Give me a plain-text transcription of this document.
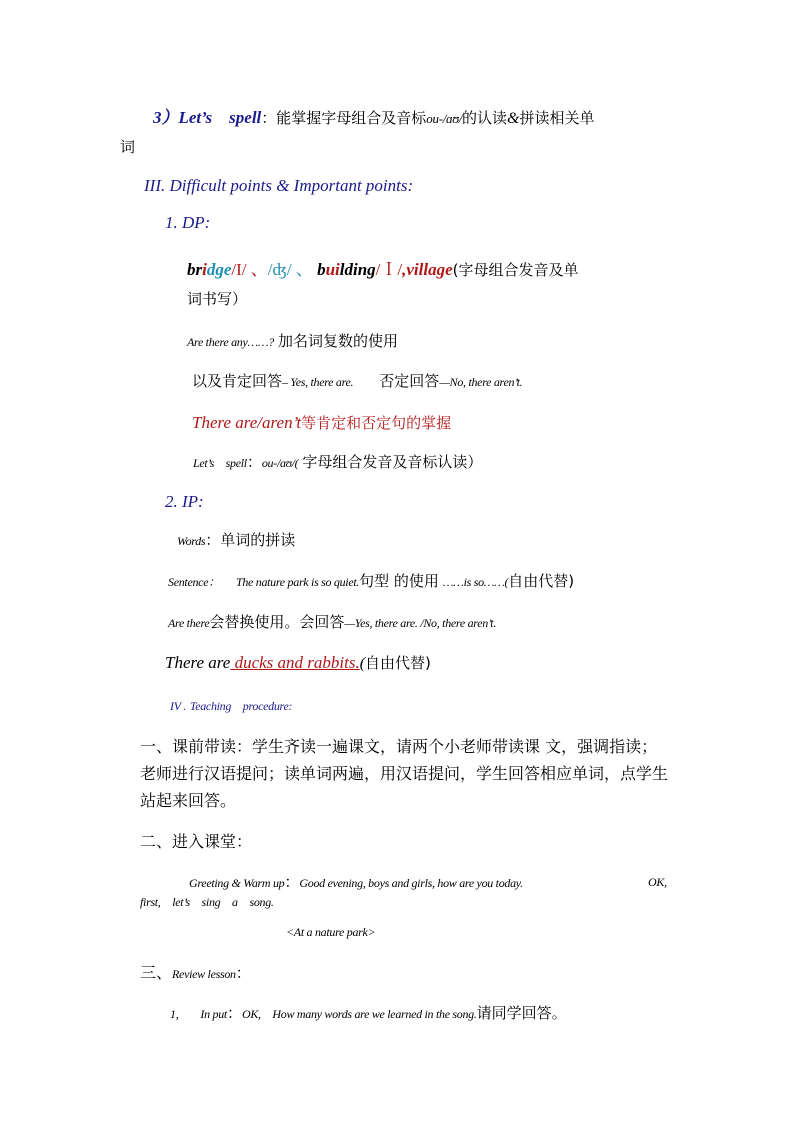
3）Let’s　spell：能掌握字母组合及音标ou-/ɑʊ/的认读&拼读相关单
词
III. Difficult points & Important points:
1. DP:
bridge/I/ 、/ʤ/ 、 building/Ｉ/,village(字母组合发音及单
词书写）
Are there any……? 加名词复数的使用
以及肯定回答– Yes, there are. 否定回答—No, there aren’t.
There are/aren’t等肯定和否定句的掌握
Let’s　spell：ou-/ɑʊ/( 字母组合发音及音标认读）
2. IP:
Words：单词的拼读
Sentence： The nature park is so quiet.句型 的使用 ……is so……(自由代替)
Are there会替换使用。会回答—Yes, there are. /No, there aren’t.
There are ducks and rabbits.(自由代替)
IV . Teaching　procedure:
一、课前带读：学生齐读一遍课文，请两个小老师带读课 文，强调指读；
老师进行汉语提问；读单词两遍，用汉语提问，学生回答相应单词，点学生
站起来回答。
二、进入课堂：
Greeting & Warm up：Good evening, boys and girls, how are you today.	OK,
first,　let’s　sing　a　song.
<At a nature park>
三、Review lesson：
1, In put：OK,　How many words are we learned in the song.请同学回答。
